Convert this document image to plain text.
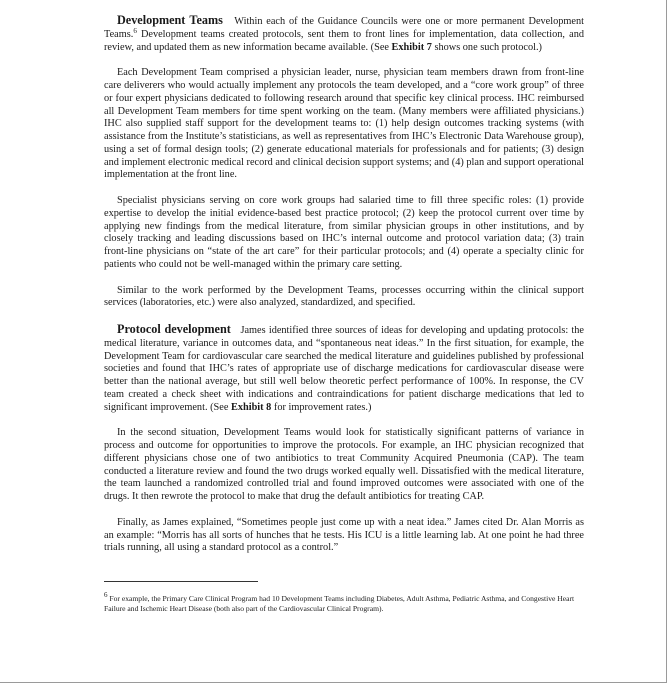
Development Teams Within each of the Guidance Councils were one or more permanent Development Teams.$^6$ Development teams created protocols, sent them to front lines for implementation, data collection, and review, and updated them as new information became available. (See Exhibit 7 shows one such protocol.)

Each Development Team comprised a physician leader, nurse, physician team members drawn from front-line care deliverers who would actually implement any protocols the team developed, and a “core work group” of three or four expert physicians dedicated to following research around that specific key clinical process. IHC reimbursed all Development Team members for time spent working on the team. (Many members were affiliated physicians.) IHC also supplied staff support for the development teams to: (1) help design outcomes tracking systems (with assistance from the Institute’s statisticians, as well as representatives from IHC’s Electronic Data Warehouse group), using a set of formal design tools; (2) generate educational materials for professionals and for patients; (3) design and implement electronic medical record and clinical decision support systems; and (4) plan and support operational implementation at the front line.

Specialist physicians serving on core work groups had salaried time to fill three specific roles: (1) provide expertise to develop the initial evidence-based best practice protocol; (2) keep the protocol current over time by applying new findings from the medical literature, from similar physician groups in other institutions, and by closely tracking and leading discussions based on IHC’s internal outcome and protocol variation data; (3) train front-line physicians on “state of the art care” for their particular protocols; and (4) operate a specialty clinic for patients who could not be well-managed within the primary care setting.

Similar to the work performed by the Development Teams, processes occurring within the clinical support services (laboratories, etc.) were also analyzed, standardized, and specified.

Protocol development James identified three sources of ideas for developing and updating protocols: the medical literature, variance in outcomes data, and “spontaneous neat ideas.” In the first situation, for example, the Development Team for cardiovascular care searched the medical literature and guidelines published by professional societies and found that IHC’s rates of appropriate use of discharge medications for cardiovascular disease were better than the national average, but still well below theoretic perfect performance of 100%. In response, the CV team created a check sheet with indications and contraindications for patient discharge medications that led to significant improvement. (See Exhibit 8 for improvement rates.)

In the second situation, Development Teams would look for statistically significant patterns of variance in process and outcome for opportunities to improve the protocols. For example, an IHC physician recognized that different physicians chose one of two antibiotics to treat Community Acquired Pneumonia (CAP). The team conducted a literature review and found the two drugs worked equally well. Dissatisfied with the medical literature, the team launched a randomized controlled trial and found improved outcomes were associated with one of the drugs. It then rewrote the protocol to make that drug the default antibiotics for treating CAP.

Finally, as James explained, “Sometimes people just come up with a neat idea.” James cited Dr. Alan Morris as an example: “Morris has all sorts of hunches that he tests. His ICU is a little learning lab. At one point he had three trials running, all using a standard protocol as a control.”

$^6$ For example, the Primary Care Clinical Program had 10 Development Teams including Diabetes, Adult Asthma, Pediatric Asthma, and Congestive Heart Failure and Ischemic Heart Disease (both also part of the Cardiovascular Clinical Program).
